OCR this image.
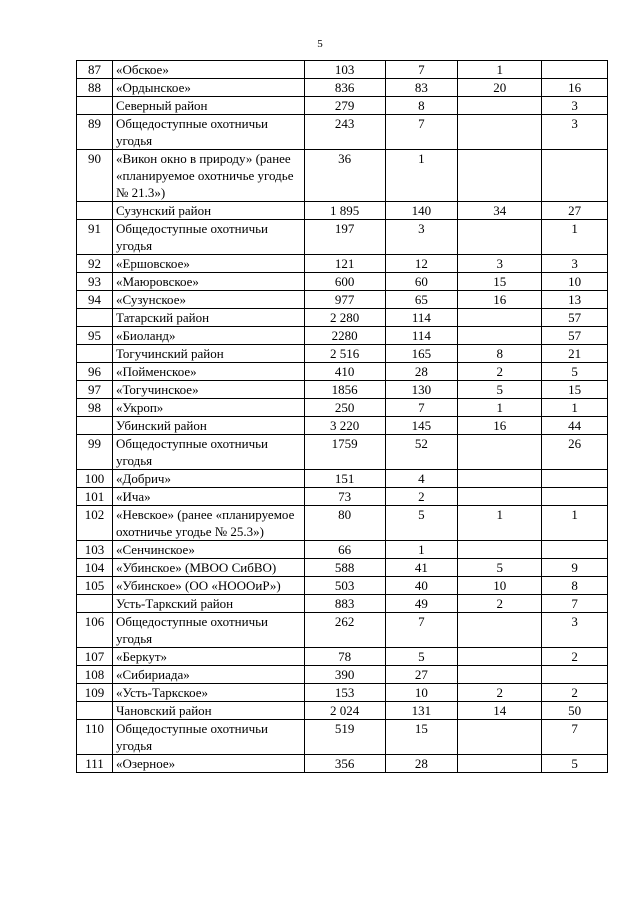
5
87	«Обское»	103	7	1	
88	«Ордынское»	836	83	20	16
	Северный район	279	8		3
89	Общедоступные охотничьи угодья	243	7		3
90	«Викон окно в природу» (ранее «планируемое охотничье угодье № 21.3»)	36	1		
	Сузунский район	1 895	140	34	27
91	Общедоступные охотничьи угодья	197	3		1
92	«Ершовское»	121	12	3	3
93	«Маюровское»	600	60	15	10
94	«Сузунское»	977	65	16	13
	Татарский район	2 280	114		57
95	«Биоланд»	2280	114		57
	Тогучинский район	2 516	165	8	21
96	«Пойменское»	410	28	2	5
97	«Тогучинское»	1856	130	5	15
98	«Укроп»	250	7	1	1
	Убинский район	3 220	145	16	44
99	Общедоступные охотничьи угодья	1759	52		26
100	«Добрич»	151	4		
101	«Ича»	73	2		
102	«Невское» (ранее «планируемое охотничье угодье № 25.3»)	80	5	1	1
103	«Сенчинское»	66	1		
104	«Убинское» (МВОО СибВО)	588	41	5	9
105	«Убинское» (ОО «НОООиР»)	503	40	10	8
	Усть-Таркский район	883	49	2	7
106	Общедоступные охотничьи угодья	262	7		3
107	«Беркут»	78	5		2
108	«Сибириада»	390	27		
109	«Усть-Таркское»	153	10	2	2
	Чановский район	2 024	131	14	50
110	Общедоступные охотничьи угодья	519	15		7
111	«Озерное»	356	28		5
